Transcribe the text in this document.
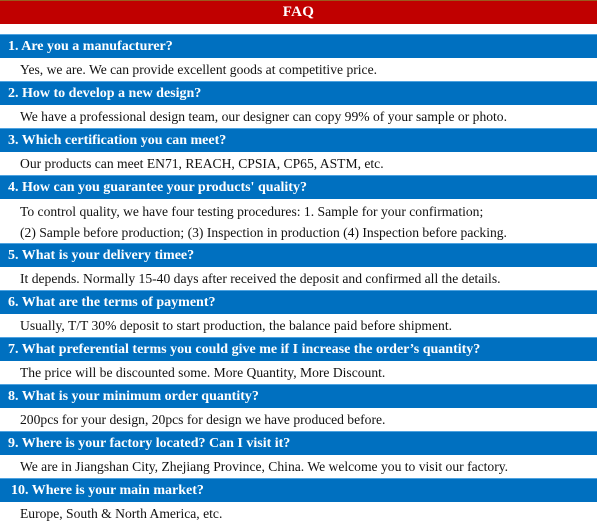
FAQ
1. Are you a manufacturer?
Yes, we are. We can provide excellent goods at competitive price.
2. How to develop a new design?
We have a professional design team, our designer can copy 99% of your sample or photo.
3. Which certification you can meet?
Our products can meet EN71, REACH, CPSIA, CP65, ASTM, etc.
4. How can you guarantee your products' quality?
To control quality, we have four testing procedures: 1. Sample for your confirmation;
(2) Sample before production; (3) Inspection in production (4) Inspection before packing.
5. What is your delivery timee?
It depends. Normally 15-40 days after received the deposit and confirmed all the details.
6. What are the terms of payment?
Usually, T/T 30% deposit to start production, the balance paid before shipment.
7. What preferential terms you could give me if I increase the order’s quantity?
The price will be discounted some. More Quantity, More Discount.
8. What is your minimum order quantity?
200pcs for your design, 20pcs for design we have produced before.
9. Where is your factory located? Can I visit it?
We are in Jiangshan City, Zhejiang Province, China. We welcome you to visit our factory.
10. Where is your main market?
Europe, South & North America, etc.
